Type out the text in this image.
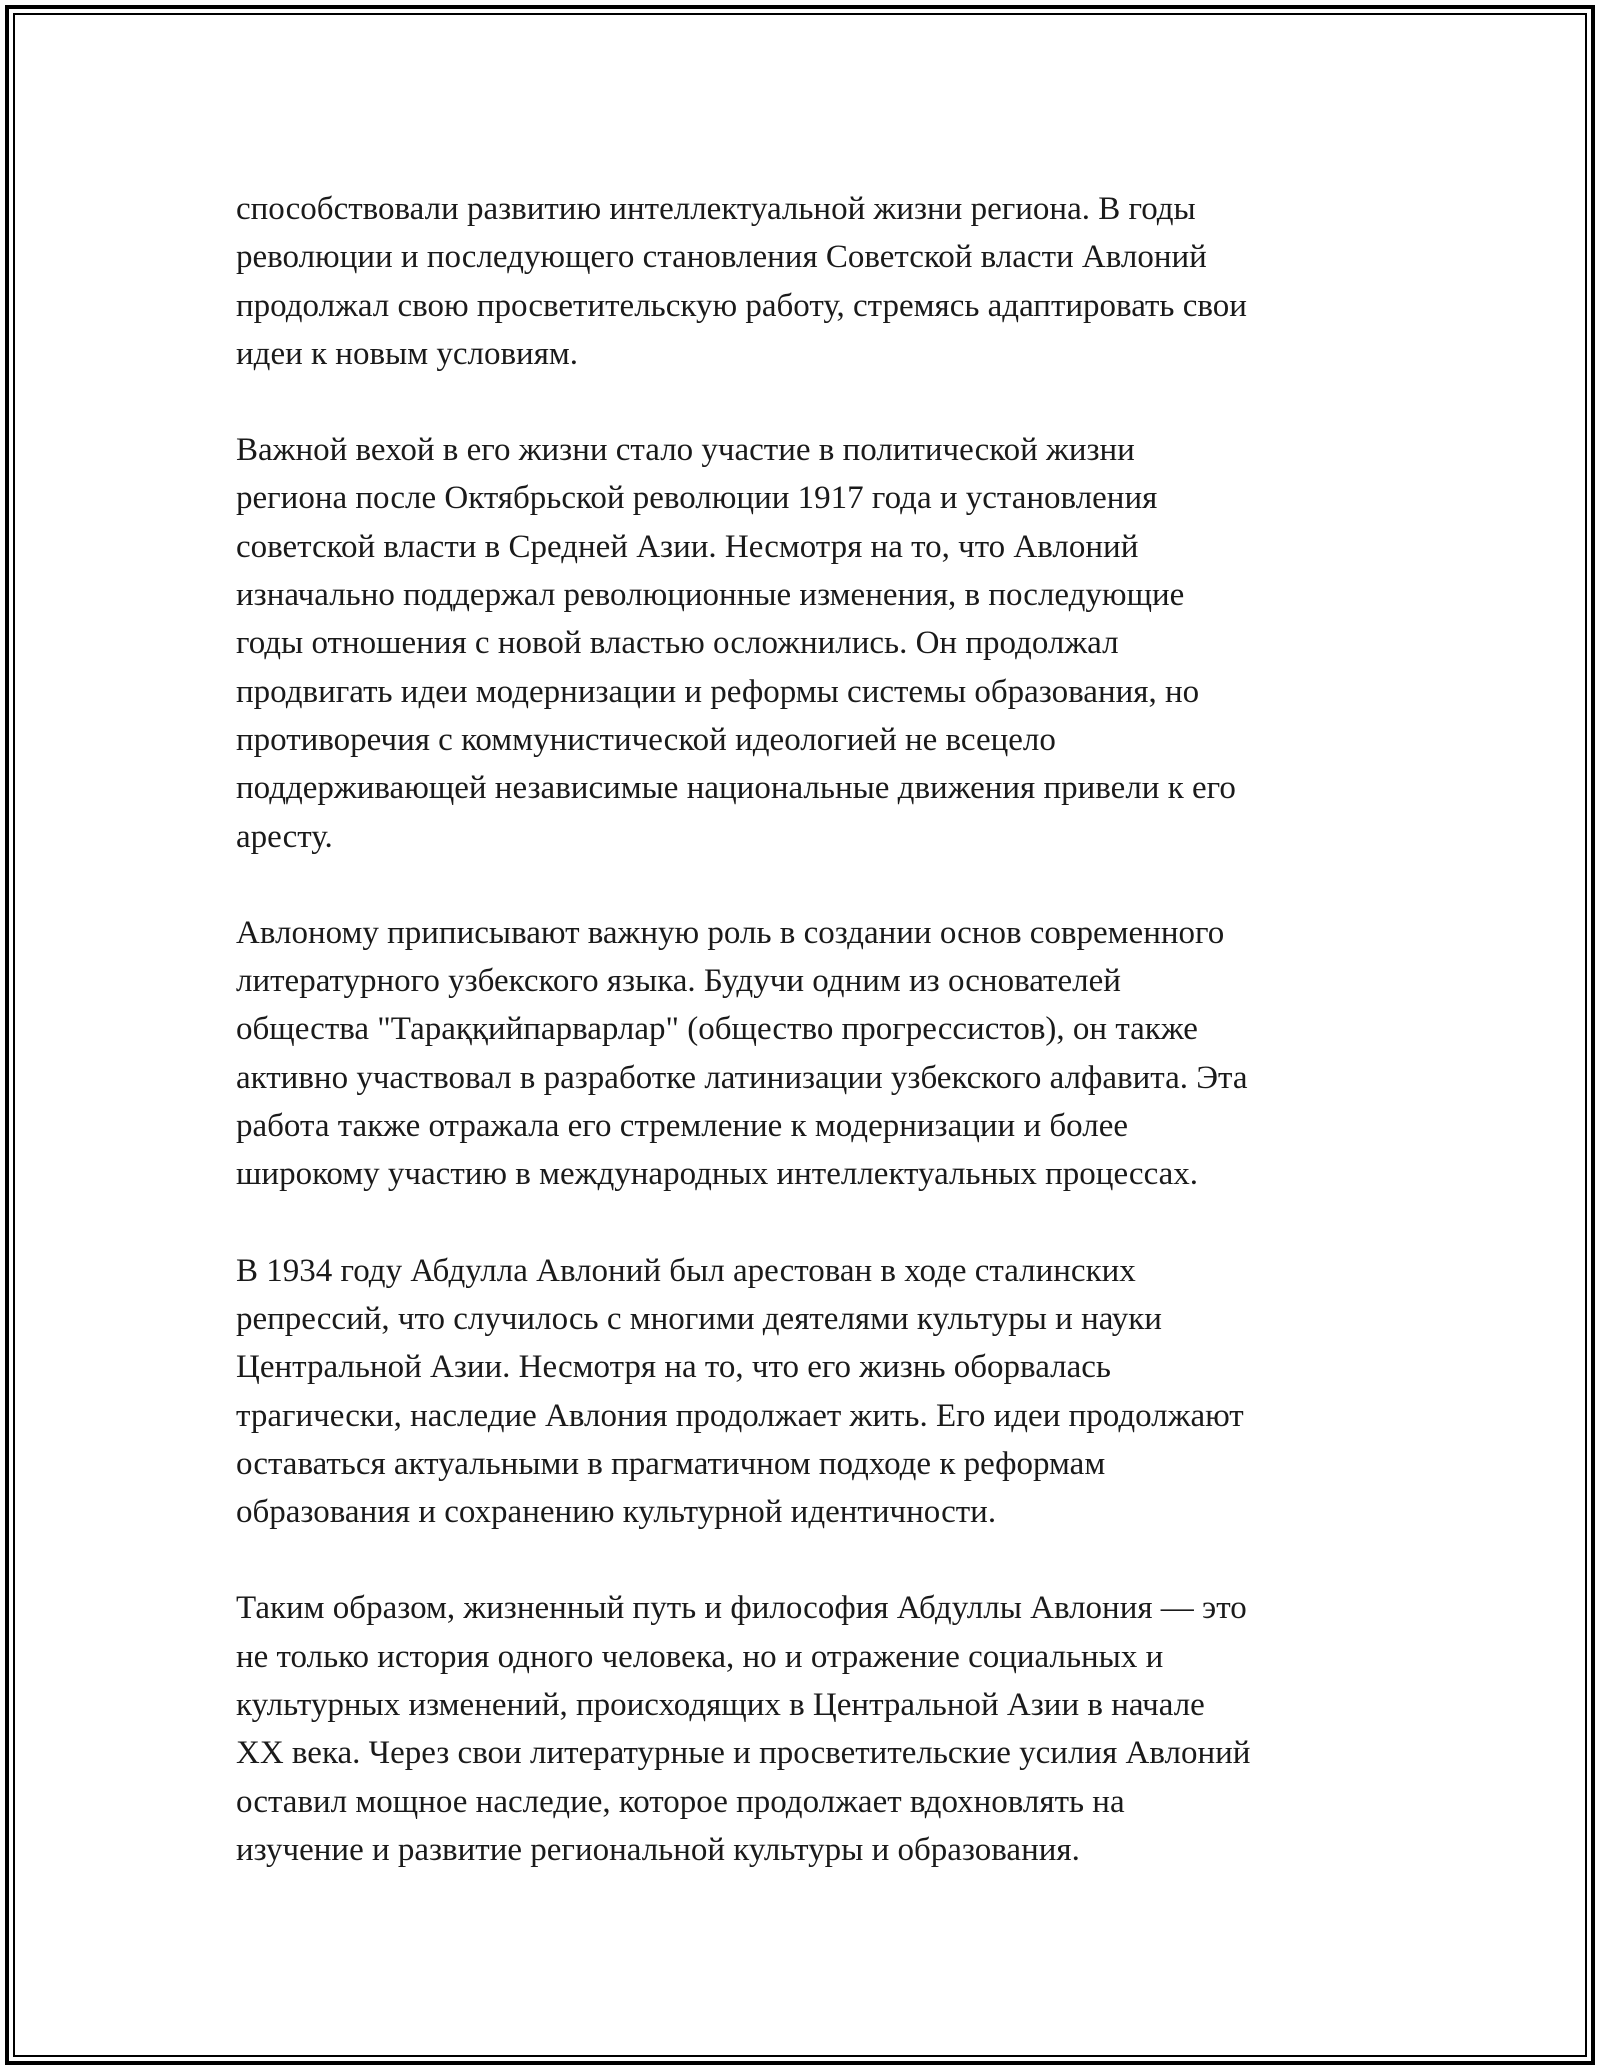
способствовали развитию интеллектуальной жизни региона. В годы
революции и последующего становления Советской власти Авлоний
продолжал свою просветительскую работу, стремясь адаптировать свои
идеи к новым условиям.

Важной вехой в его жизни стало участие в политической жизни
региона после Октябрьской революции 1917 года и установления
советской власти в Средней Азии. Несмотря на то, что Авлоний
изначально поддержал революционные изменения, в последующие
годы отношения с новой властью осложнились. Он продолжал
продвигать идеи модернизации и реформы системы образования, но
противоречия с коммунистической идеологией не всецело
поддерживающей независимые национальные движения привели к его
аресту.

Авлоному приписывают важную роль в создании основ современного
литературного узбекского языка. Будучи одним из основателей
общества "Тараққийпарварлар" (общество прогрессистов), он также
активно участвовал в разработке латинизации узбекского алфавита. Эта
работа также отражала его стремление к модернизации и более
широкому участию в международных интеллектуальных процессах.

В 1934 году Абдулла Авлоний был арестован в ходе сталинских
репрессий, что случилось с многими деятелями культуры и науки
Центральной Азии. Несмотря на то, что его жизнь оборвалась
трагически, наследие Авлония продолжает жить. Его идеи продолжают
оставаться актуальными в прагматичном подходе к реформам
образования и сохранению культурной идентичности.

Таким образом, жизненный путь и философия Абдуллы Авлония — это
не только история одного человека, но и отражение социальных и
культурных изменений, происходящих в Центральной Азии в начале
XX века. Через свои литературные и просветительские усилия Авлоний
оставил мощное наследие, которое продолжает вдохновлять на
изучение и развитие региональной культуры и образования.
